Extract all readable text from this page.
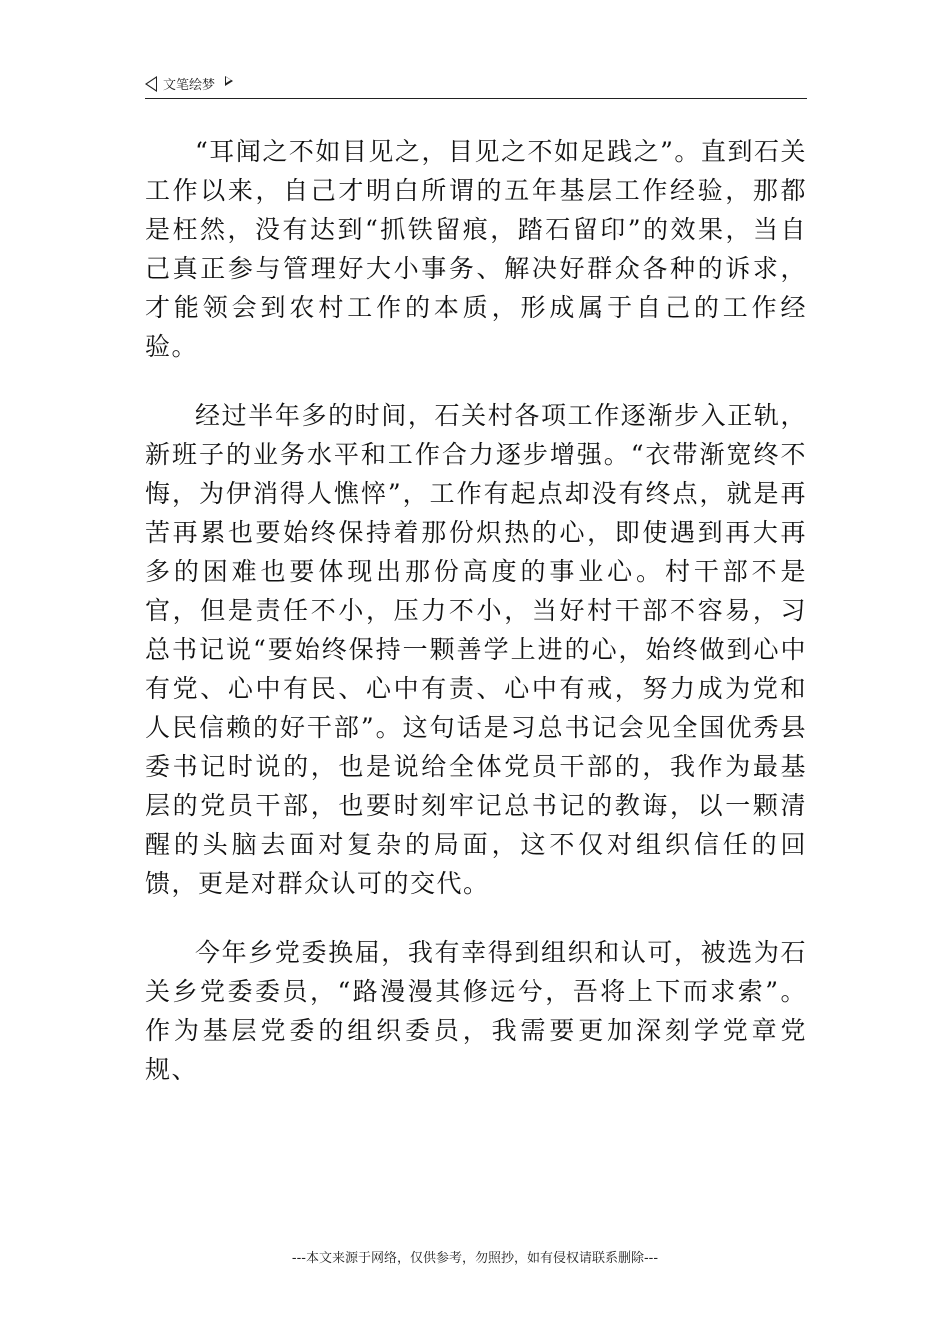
文笔绘梦

“耳闻之不如目见之，目见之不如足践之”。直到石关工作以来，自己才明白所谓的五年基层工作经验，那都是枉然，没有达到“抓铁留痕，踏石留印”的效果，当自己真正参与管理好大小事务、解决好群众各种的诉求，才能领会到农村工作的本质，形成属于自己的工作经验。

经过半年多的时间，石关村各项工作逐渐步入正轨，新班子的业务水平和工作合力逐步增强。“衣带渐宽终不悔，为伊消得人憔悴”，工作有起点却没有终点，就是再苦再累也要始终保持着那份炽热的心，即使遇到再大再多的困难也要体现出那份高度的事业心。村干部不是官，但是责任不小，压力不小，当好村干部不容易，习总书记说“要始终保持一颗善学上进的心，始终做到心中有党、心中有民、心中有责、心中有戒，努力成为党和人民信赖的好干部”。这句话是习总书记会见全国优秀县委书记时说的，也是说给全体党员干部的，我作为最基层的党员干部，也要时刻牢记总书记的教诲，以一颗清醒的头脑去面对复杂的局面，这不仅对组织信任的回馈，更是对群众认可的交代。

今年乡党委换届，我有幸得到组织和认可，被选为石关乡党委委员，“路漫漫其修远兮，吾将上下而求索”。作为基层党委的组织委员，我需要更加深刻学党章党规、

---本文来源于网络，仅供参考，勿照抄，如有侵权请联系删除---
